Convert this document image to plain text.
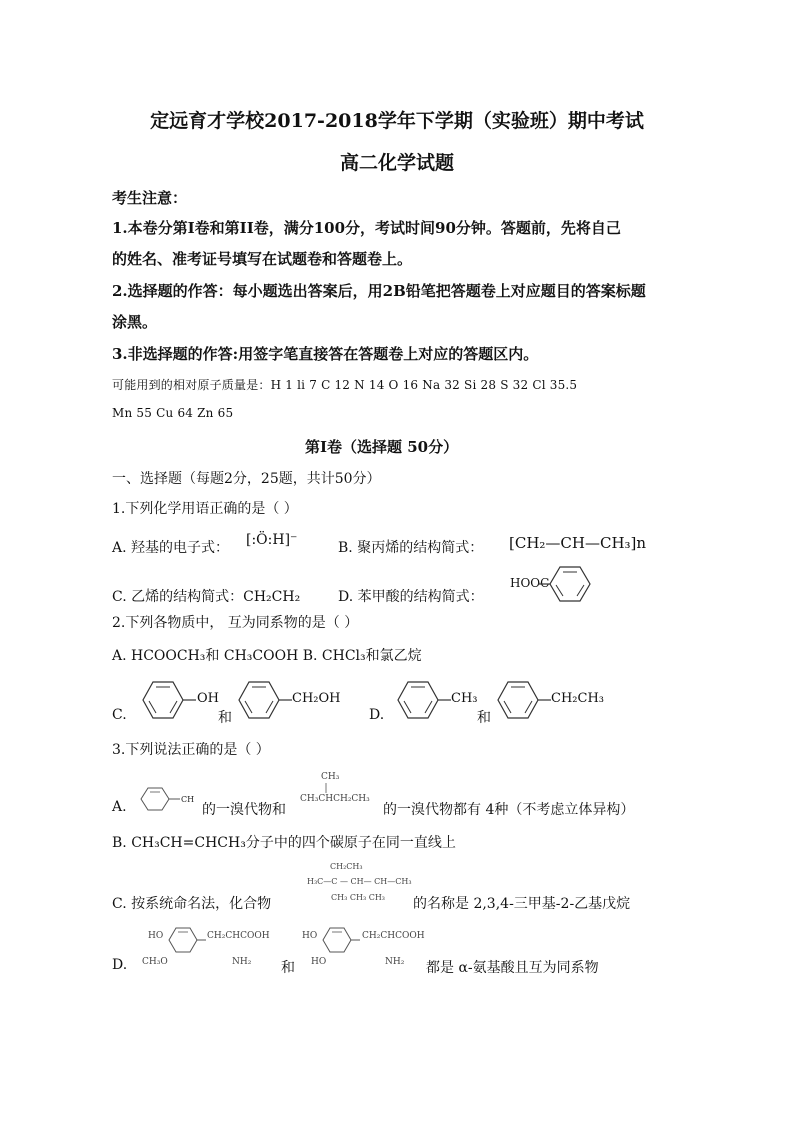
定远育才学校2017-2018学年下学期（实验班）期中考试
高二化学试题
考生注意：
1.本卷分第Ⅰ卷和第II卷，满分100分，考试时间90分钟。答题前，先将自己
的姓名、准考证号填写在试题卷和答题卷上。
2.选择题的作答：每小题选出答案后，用2B铅笔把答题卷上对应题目的答案标题
涂黑。
3.非选择题的作答:用签字笔直接答在答题卷上对应的答题区内。
可能用到的相对原子质量是：H 1 li 7 C 12 N 14 O 16 Na 32 Si 28 S 32 Cl 35.5
Mn 55 Cu 64 Zn 65
第Ⅰ卷（选择题 50分）
一、选择题（每题2分，25题，共计50分）
1.下列化学用语正确的是（ ）
A. 羟基的电子式： [:Ö:H]⁻	B. 聚丙烯的结构简式： [CH₂—CH—CH₃]n
C. 乙烯的结构简式：CH₂CH₂	D. 苯甲酸的结构简式：
HOOC
2.下列各物质中， 互为同系物的是（ ）
A. HCOOCH₃和 CH₃COOH B. CHCl₃和氯乙烷
C.
OH
和
CH₂OH
D.
CH₃
和
CH₂CH₃
3.下列说法正确的是（ ）
A.	CH
的一溴代物和
CH₃
CH₃CHCH₂CH₃
的一溴代物都有 4种（不考虑立体异构）
B. CH₃CH=CHCH₃分子中的四个碳原子在同一直线上
C. 按系统命名法，化合物
CH₂CH₃
H₃C—C — CH— CH—CH₃
CH₃ CH₃ CH₃ 的名称是 2,3,4-三甲基-2-乙基戊烷
D.
HO
CH₃O
CH₂CHCOOH
NH₂ 和
HO
HO
CH₂CHCOOH
NH₂ 都是 α-氨基酸且互为同系物
